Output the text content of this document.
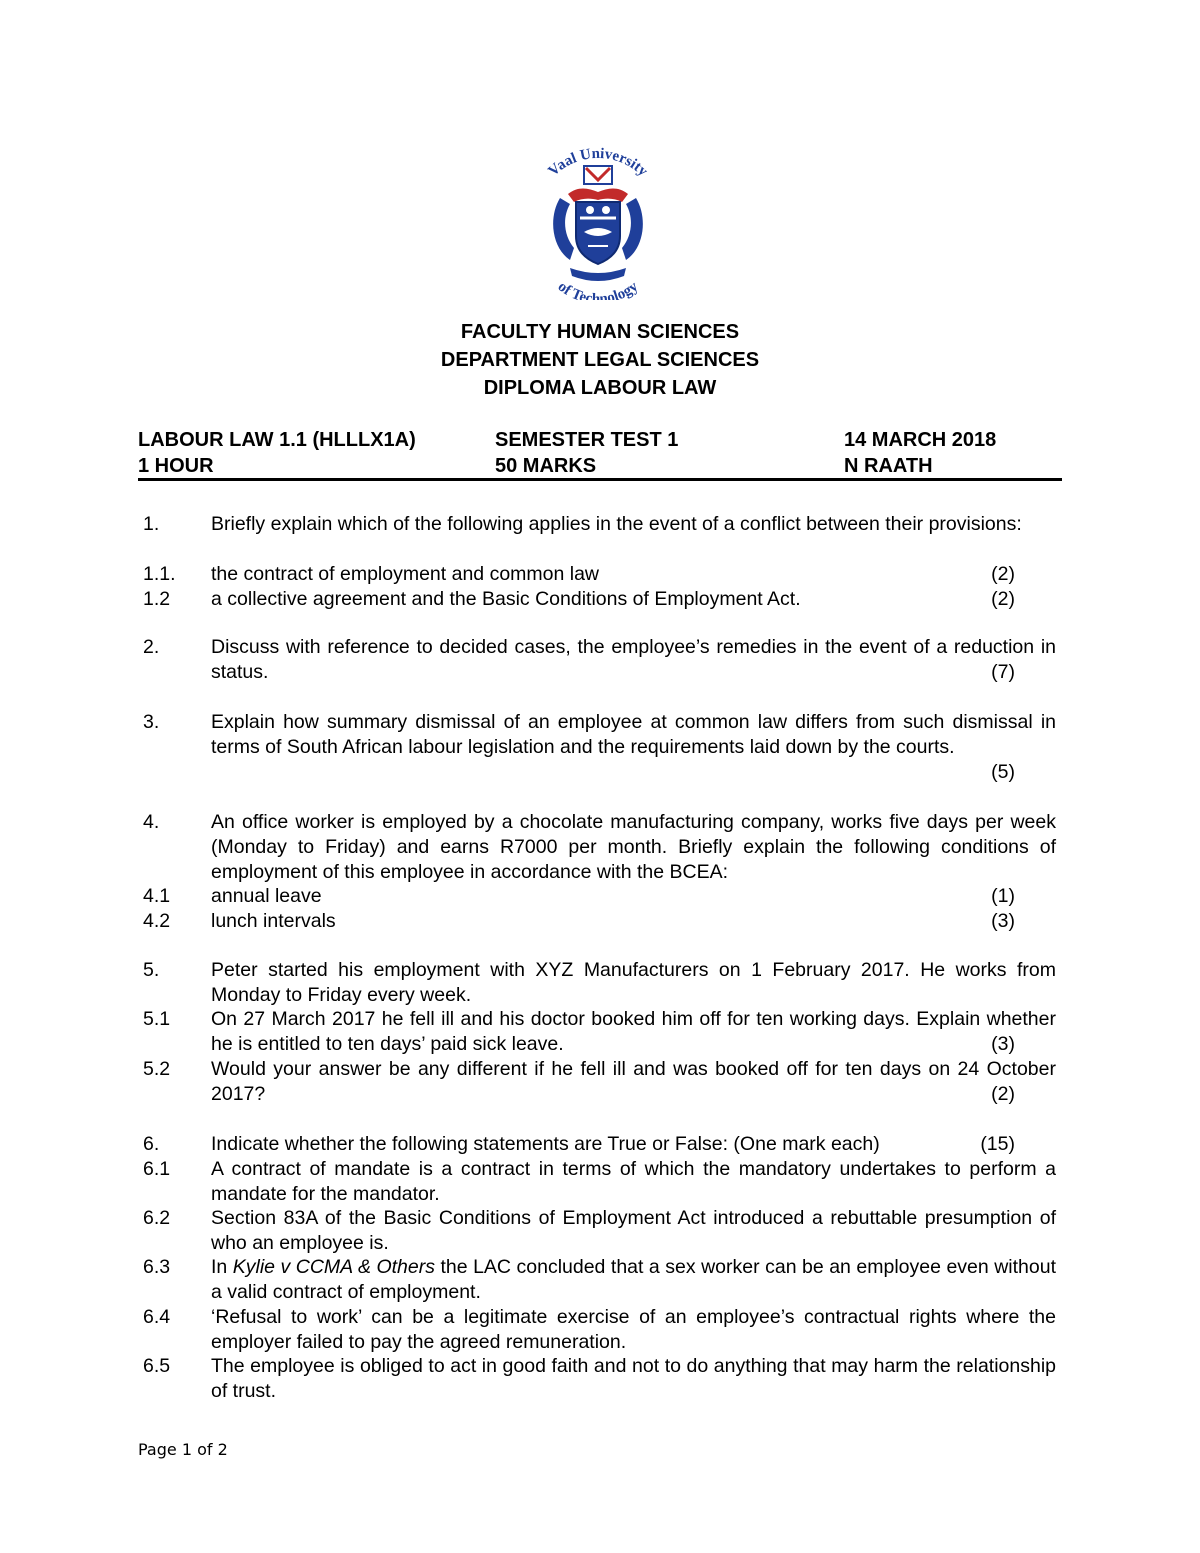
Vaal University
of Technology
FACULTY HUMAN SCIENCES
DEPARTMENT LEGAL SCIENCES
DIPLOMA LABOUR LAW
LABOUR LAW 1.1 (HLLLX1A)	SEMESTER TEST 1	14 MARCH 2018
1 HOUR	50 MARKS	N RAATH
1.	Briefly explain which of the following applies in the event of a conflict between their provisions:
1.1. the contract of employment and common law	(2)
1.2 a collective agreement and the Basic Conditions of Employment Act.	(2)
2.	Discuss with reference to decided cases, the employee’s remedies in the event of a reduction in status.	(7)
3.	Explain how summary dismissal of an employee at common law differs from such dismissal in terms of South African labour legislation and the requirements laid down by the courts.
(5)
4.	An office worker is employed by a chocolate manufacturing company, works five days per week (Monday to Friday) and earns R7000 per month. Briefly explain the following conditions of employment of this employee in accordance with the BCEA:
4.1 annual leave	(1)
4.2 lunch intervals	(3)
5.	Peter started his employment with XYZ Manufacturers on 1 February 2017. He works from Monday to Friday every week.
5.1 On 27 March 2017 he fell ill and his doctor booked him off for ten working days. Explain whether he is entitled to ten days’ paid sick leave.	(3)
5.2 Would your answer be any different if he fell ill and was booked off for ten days on 24 October 2017?	(2)
6.	Indicate whether the following statements are True or False: (One mark each)	(15)
6.1 A contract of mandate is a contract in terms of which the mandatory undertakes to perform a mandate for the mandator.
6.2 Section 83A of the Basic Conditions of Employment Act introduced a rebuttable presumption of who an employee is.
6.3 In Kylie v CCMA & Others the LAC concluded that a sex worker can be an employee even without a valid contract of employment.
6.4 ‘Refusal to work’ can be a legitimate exercise of an employee’s contractual rights where the employer failed to pay the agreed remuneration.
6.5 The employee is obliged to act in good faith and not to do anything that may harm the relationship of trust.
Page 1 of 2
